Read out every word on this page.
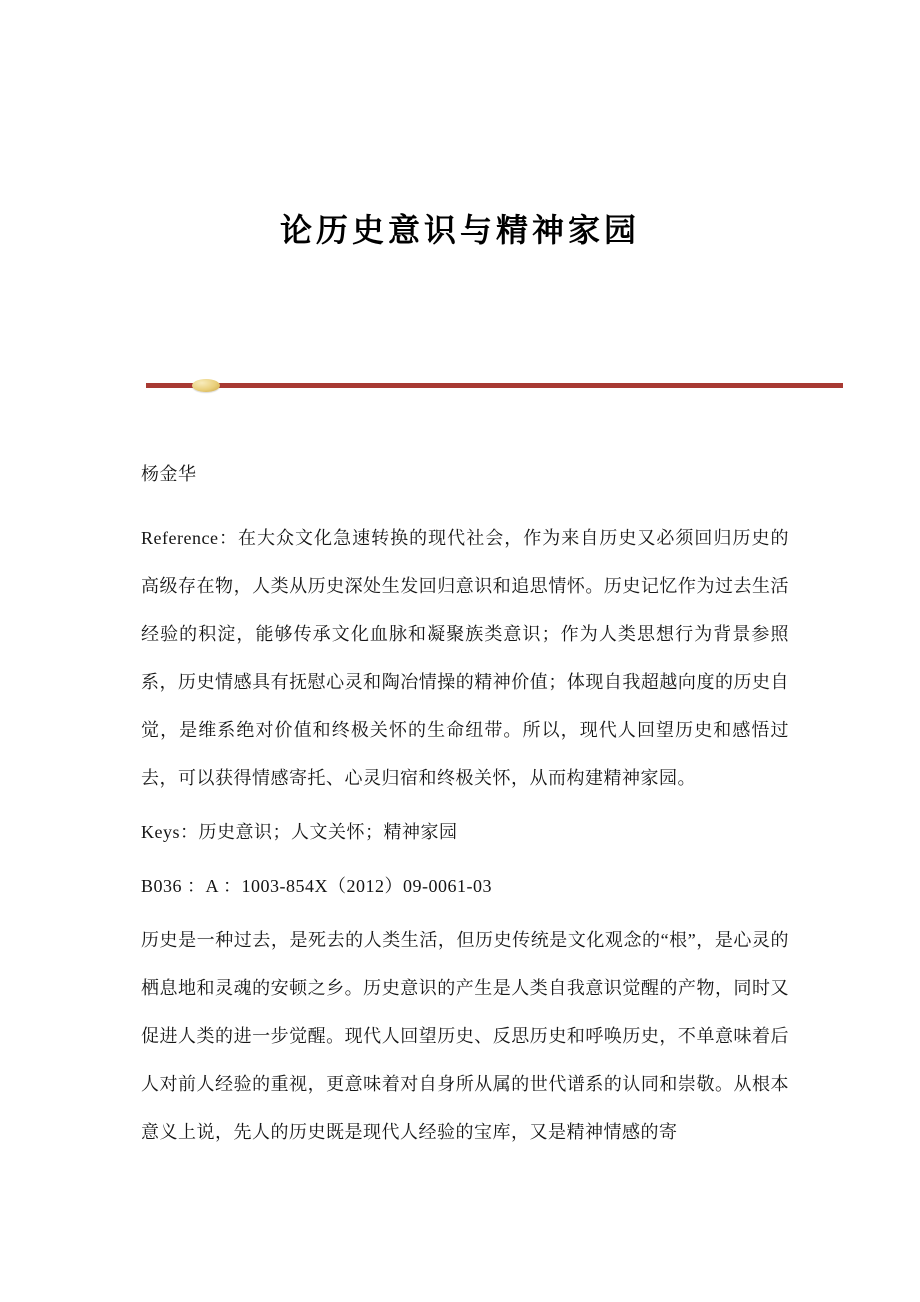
论历史意识与精神家园

杨金华

Reference：在大众文化急速转换的现代社会，作为来自历史又必须回归历史的高级存在物，人类从历史深处生发回归意识和追思情怀。历史记忆作为过去生活经验的积淀，能够传承文化血脉和凝聚族类意识；作为人类思想行为背景参照系，历史情感具有抚慰心灵和陶冶情操的精神价值；体现自我超越向度的历史自觉，是维系绝对价值和终极关怀的生命纽带。所以，现代人回望历史和感悟过去，可以获得情感寄托、心灵归宿和终极关怀，从而构建精神家园。

Keys：历史意识；人文关怀；精神家园

B036 ：A ：1003-854X（2012）09-0061-03

历史是一种过去，是死去的人类生活，但历史传统是文化观念的“根”，是心灵的栖息地和灵魂的安顿之乡。历史意识的产生是人类自我意识觉醒的产物，同时又促进人类的进一步觉醒。现代人回望历史、反思历史和呼唤历史，不单意味着后人对前人经验的重视，更意味着对自身所从属的世代谱系的认同和崇敬。从根本意义上说，先人的历史既是现代人经验的宝库，又是精神情感的寄
